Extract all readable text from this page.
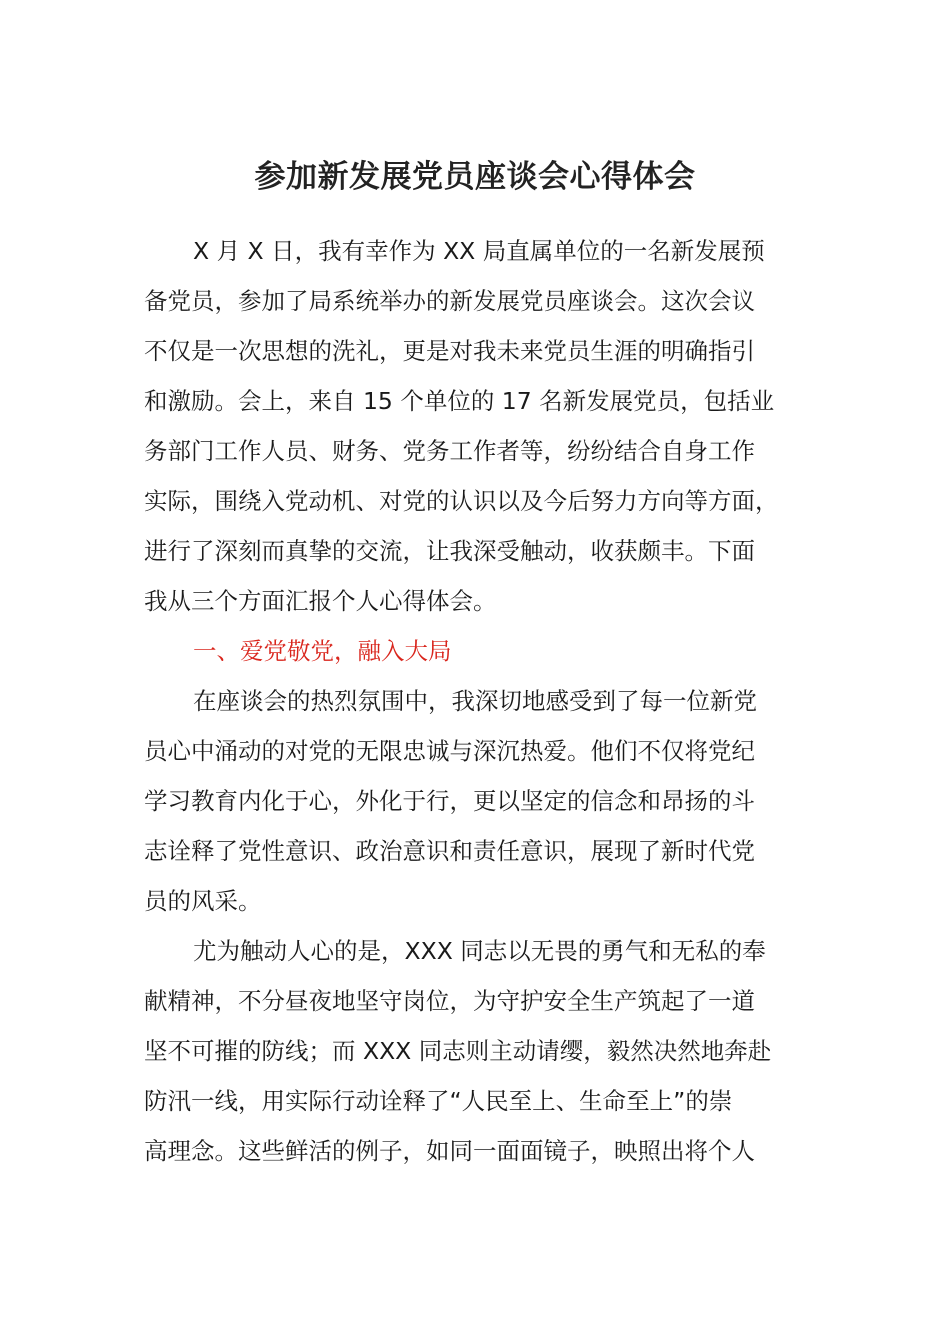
参加新发展党员座谈会心得体会
X 月 X 日，我有幸作为 XX 局直属单位的一名新发展预
备党员，参加了局系统举办的新发展党员座谈会。这次会议
不仅是一次思想的洗礼，更是对我未来党员生涯的明确指引
和激励。会上，来自 15 个单位的 17 名新发展党员，包括业
务部门工作人员、财务、党务工作者等，纷纷结合自身工作
实际，围绕入党动机、对党的认识以及今后努力方向等方面，
进行了深刻而真挚的交流，让我深受触动，收获颇丰。下面
我从三个方面汇报个人心得体会。
一、爱党敬党，融入大局
在座谈会的热烈氛围中，我深切地感受到了每一位新党
员心中涌动的对党的无限忠诚与深沉热爱。他们不仅将党纪
学习教育内化于心，外化于行，更以坚定的信念和昂扬的斗
志诠释了党性意识、政治意识和责任意识，展现了新时代党
员的风采。
尤为触动人心的是，XXX 同志以无畏的勇气和无私的奉
献精神，不分昼夜地坚守岗位，为守护安全生产筑起了一道
坚不可摧的防线；而 XXX 同志则主动请缨，毅然决然地奔赴
防汛一线，用实际行动诠释了“人民至上、生命至上”的崇
高理念。这些鲜活的例子，如同一面面镜子，映照出将个人
